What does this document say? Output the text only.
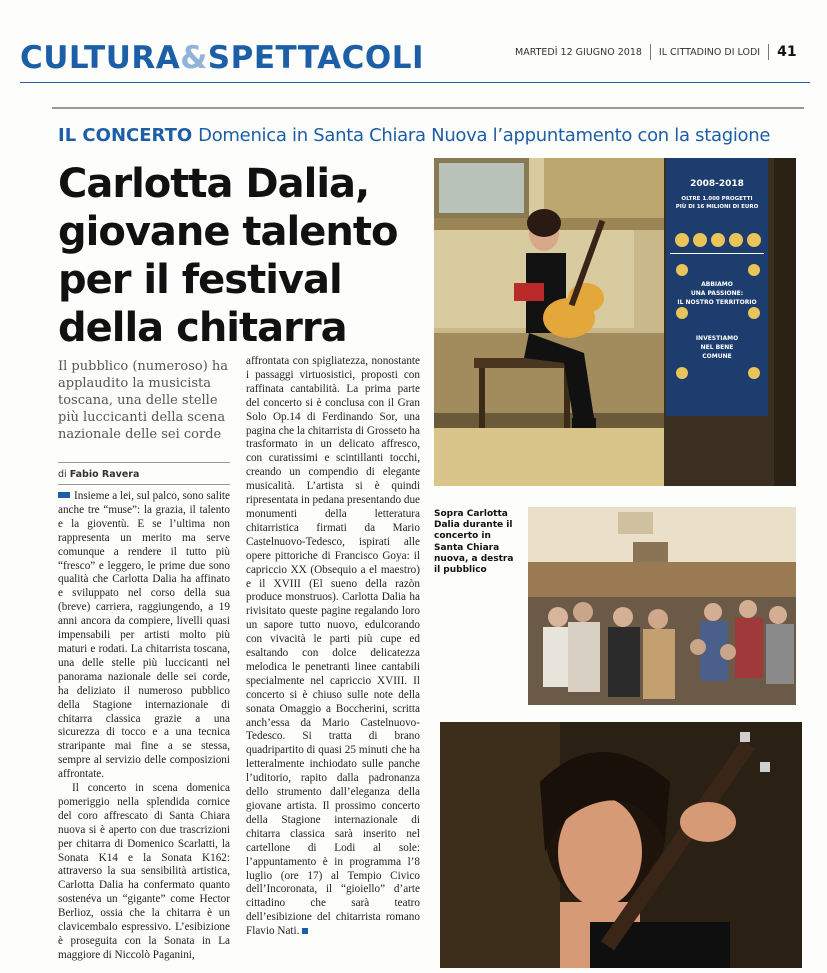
CULTURA&SPETTACOLI	MARTEDÌ 12 GIUGNO 2018 IL CITTADINO DI LODI 41
IL CONCERTO Domenica in Santa Chiara Nuova l’appuntamento con la stagione
Carlotta Dalia,
giovane talento
per il festival
della chitarra
Il pubblico (numeroso) ha applaudito la musicista toscana, una delle stelle più luccicanti della scena nazionale delle sei corde
di Fabio Ravera

Insieme a lei, sul palco, sono salite anche tre “muse”: la grazia, il talento e la gioventù. E se l’ultima non rappresenta un merito ma serve comunque a rendere il tutto più “fresco” e leggero, le prime due sono qualità che Carlotta Dalia ha affinato e sviluppato nel corso della sua (breve) carriera, raggiungendo, a 19 anni ancora da compiere, livelli quasi impensabili per artisti molto più maturi e rodati. La chitarrista toscana, una delle stelle più luccicanti nel panorama nazionale delle sei corde, ha deliziato il numeroso pubblico della Stagione internazionale di chitarra classica grazie a una sicurezza di tocco e a una tecnica straripante mai fine a se stessa, sempre al servizio delle composizioni affrontate.

Il concerto in scena domenica pomeriggio nella splendida cornice del coro affrescato di Santa Chiara nuova si è aperto con due trascrizioni per chitarra di Domenico Scarlatti, la Sonata K14 e la Sonata K162: attraverso la sua sensibilità artistica, Carlotta Dalia ha confermato quanto sostenéva un “gigante” come Hector Berlioz, ossia che la chitarra è un clavicembalo espressivo. L’esibizione è proseguita con la Sonata in La maggiore di Niccolò Paganini,

affrontata con spigliatezza, nonostante i passaggi virtuosistici, proposti con raffinata cantabilità. La prima parte del concerto si è conclusa con il Gran Solo Op.14 di Ferdinando Sor, una pagina che la chitarrista di Grosseto ha trasformato in un delicato affresco, con curatissimi e scintillanti tocchi, creando un compendio di elegante musicalità. L’artista si è quindi ripresentata in pedana presentando due monumenti della letteratura chitarristica firmati da Mario Castelnuovo-Tedesco, ispirati alle opere pittoriche di Francisco Goya: il capriccio XX (Obsequio a el maestro) e il XVIII (El sueno della razòn produce monstruos). Carlotta Dalia ha rivisitato queste pagine regalando loro un sapore tutto nuovo, edulcorando con vivacità le parti più cupe ed esaltando con dolce delicatezza melodica le penetranti linee cantabili specialmente nel capriccio XVIII. Il concerto si è chiuso sulle note della sonata Omaggio a Boccherini, scritta anch’essa da Mario Castelnuovo-Tedesco. Si tratta di brano quadripartito di quasi 25 minuti che ha letteralmente inchiodato sulle panche l’uditorio, rapito dalla padronanza dello strumento dall’eleganza della giovane artista. Il prossimo concerto della Stagione internazionale di chitarra classica sarà inserito nel cartellone di Lodi al sole: l’appuntamento è in programma l’8 luglio (ore 17) al Tempio Civico dell’Incoronata, il “gioiello” d’arte cittadino che sarà teatro dell’esibizione del chitarrista romano Flavio Nati.

2008-2018
OLTRE 1.000 PROGETTI
PIÙ DI 16 MILIONI DI EURO
ABBIAMO
UNA PASSIONE:
IL NOSTRO TERRITORIO
INVESTIAMO
NEL BENE
COMUNE
Sopra Carlotta Dalia durante il concerto in Santa Chiara nuova, a destra il pubblico
